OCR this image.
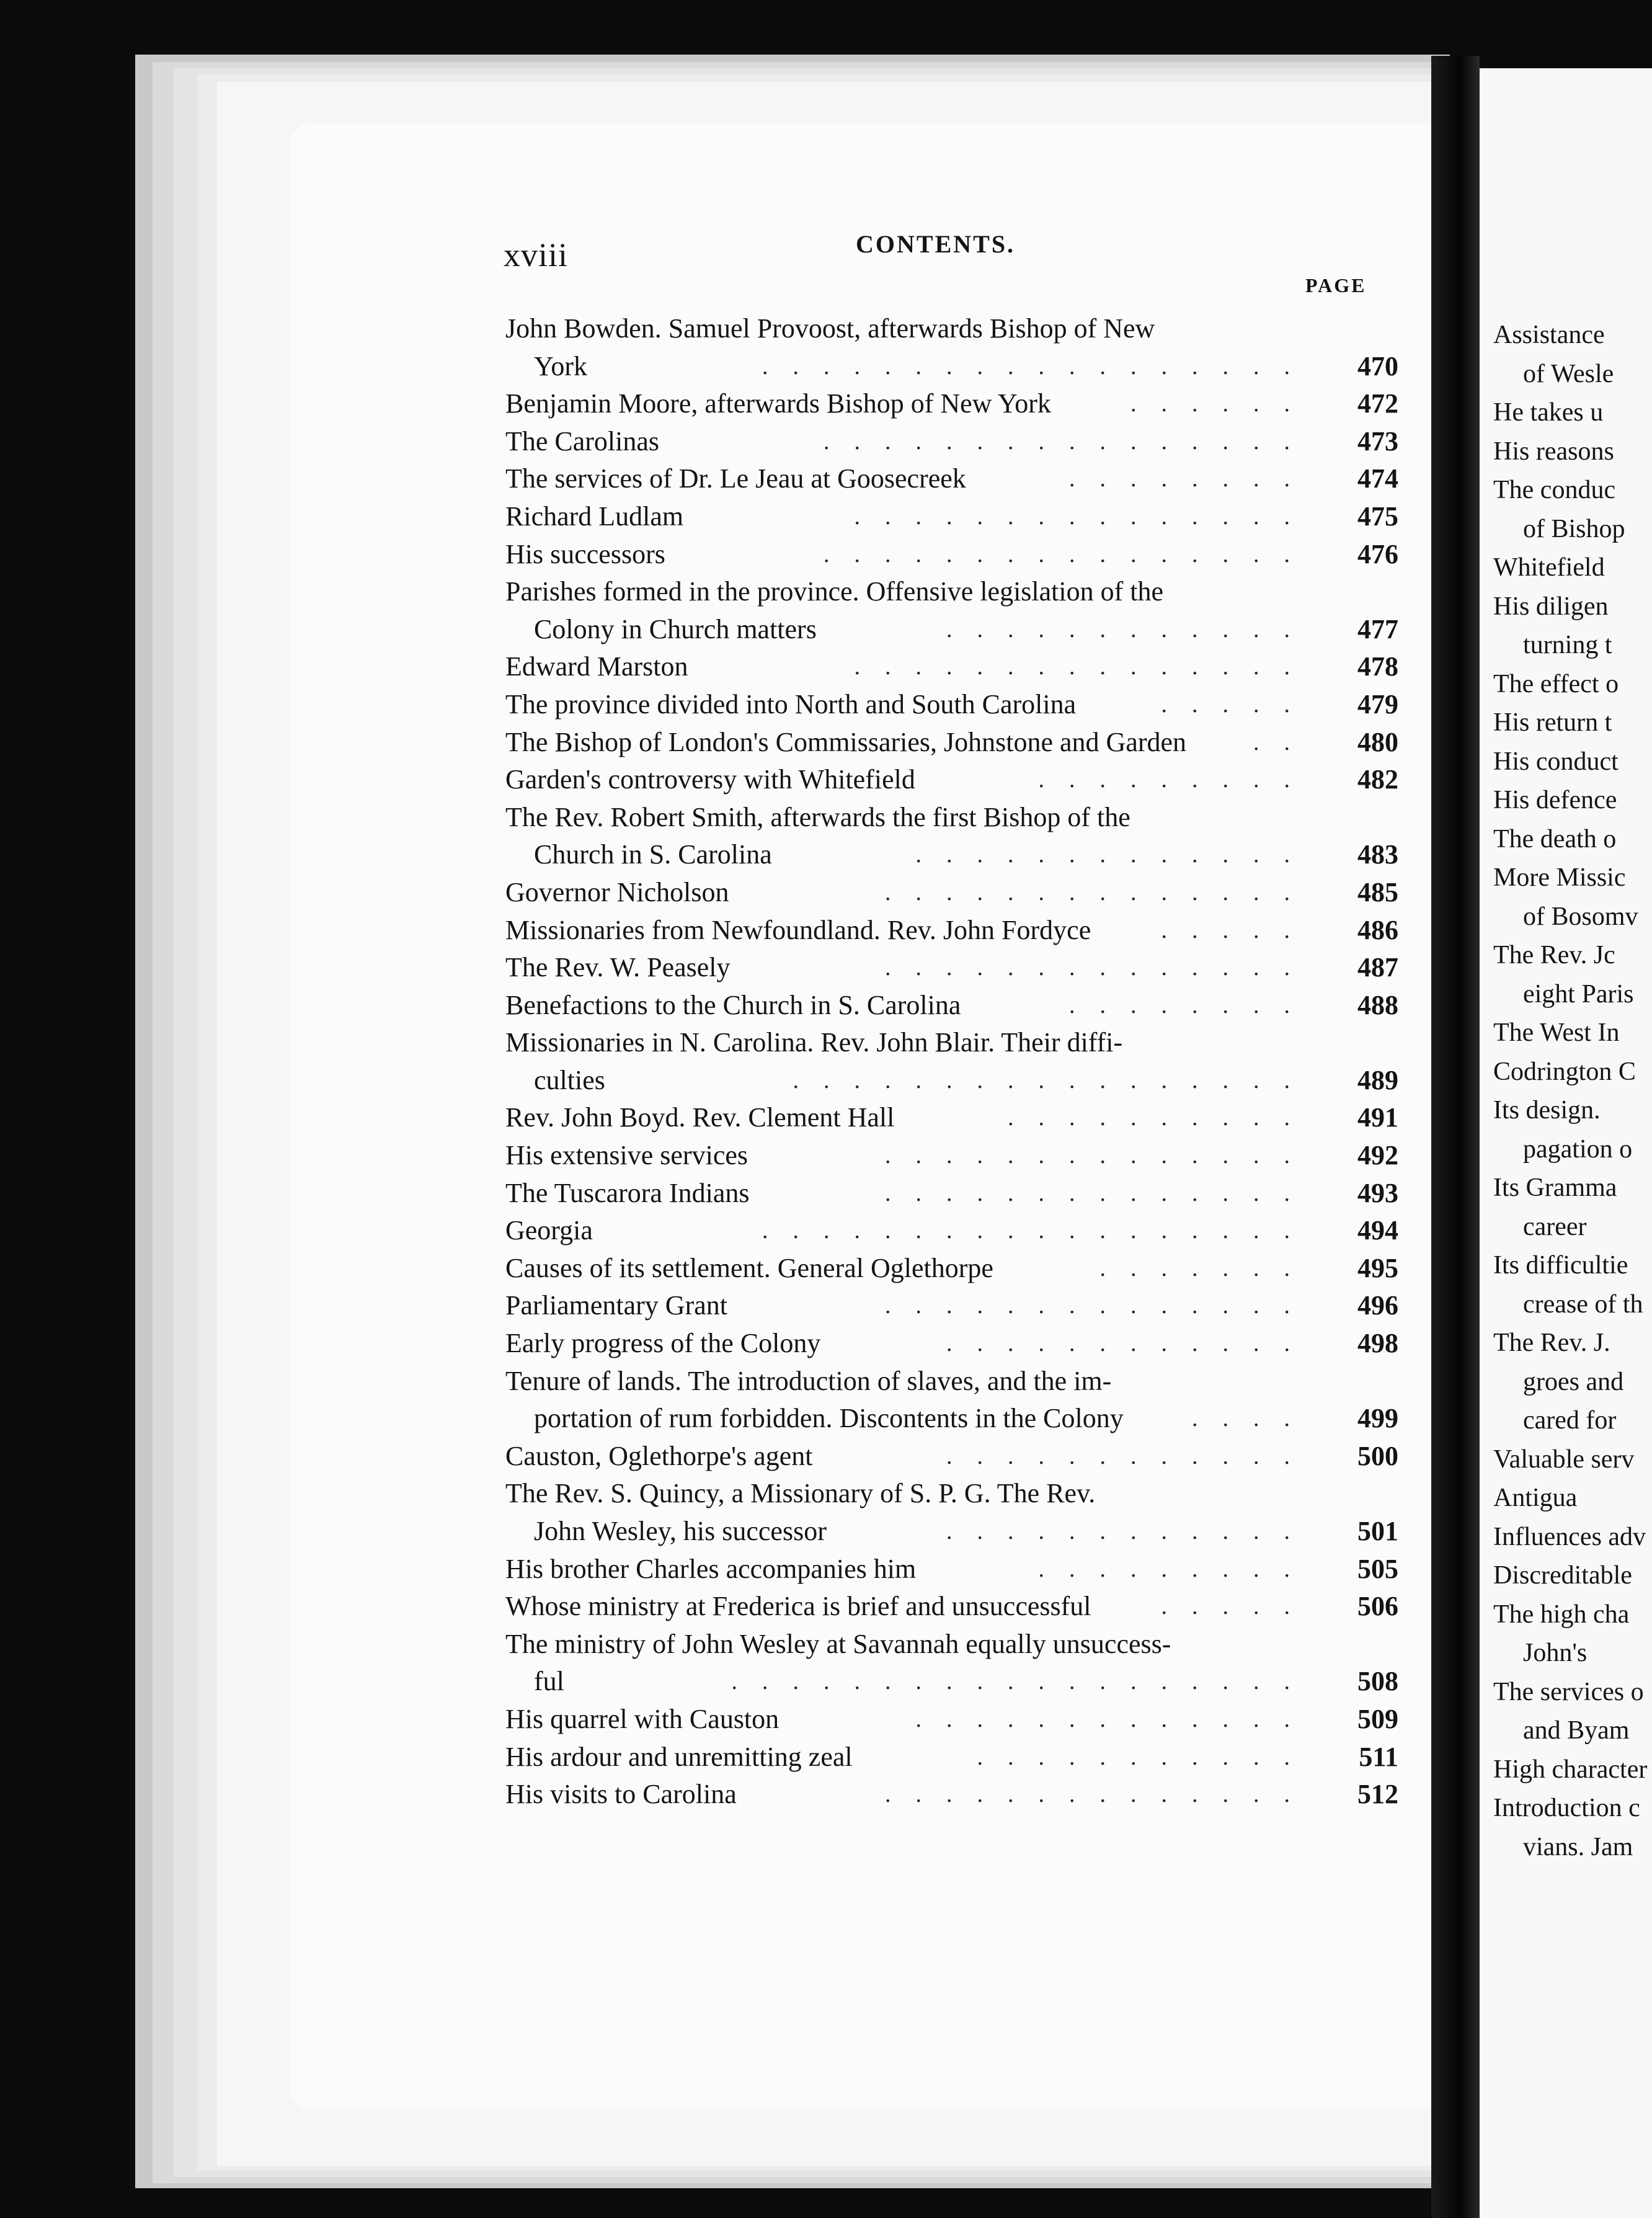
Assistance
of Wesle
He takes u
His reasons
The conduc
of Bishop
Whitefield
His diligen
turning t
The effect o
His return t
His conduct
His defence
The death o
More Missic
of Bosomv
The Rev. Jc
eight Paris
The West In
Codrington C
Its design.
pagation o
Its Gramma
career
Its difficultie
crease of th
The Rev. J.
groes and
cared for
Valuable serv
Antigua
Influences adv
Discreditable
The high cha
John's
The services o
and Byam
High character
Introduction c
vians. Jam
xviii	CONTENTS.
PAGE
John Bowden. Samuel Provoost, afterwards Bishop of New
York	..................	470
Benjamin Moore, afterwards Bishop of New York	......	472
The Carolinas	................	473
The services of Dr. Le Jeau at Goosecreek	........	474
Richard Ludlam	...............	475
His successors	................	476
Parishes formed in the province. Offensive legislation of the
Colony in Church matters	............	477
Edward Marston	...............	478
The province divided into North and South Carolina	.....	479
The Bishop of London's Commissaries, Johnstone and Garden	..	480
Garden's controversy with Whitefield	.........	482
The Rev. Robert Smith, afterwards the first Bishop of the
Church in S. Carolina	.............	483
Governor Nicholson	..............	485
Missionaries from Newfoundland. Rev. John Fordyce	.....	486
The Rev. W. Peasely	..............	487
Benefactions to the Church in S. Carolina	........	488
Missionaries in N. Carolina. Rev. John Blair. Their diffi-
culties	.................	489
Rev. John Boyd. Rev. Clement Hall	..........	491
His extensive services	..............	492
The Tuscarora Indians	..............	493
Georgia	..................	494
Causes of its settlement. General Oglethorpe	.......	495
Parliamentary Grant	..............	496
Early progress of the Colony	............	498
Tenure of lands. The introduction of slaves, and the im-
portation of rum forbidden. Discontents in the Colony	....	499
Causton, Oglethorpe's agent	............	500
The Rev. S. Quincy, a Missionary of S. P. G. The Rev.
John Wesley, his successor	............	501
His brother Charles accompanies him	.........	505
Whose ministry at Frederica is brief and unsuccessful	.....	506
The ministry of John Wesley at Savannah equally unsuccess-
ful	...................	508
His quarrel with Causton	.............	509
His ardour and unremitting zeal	...........	511
His visits to Carolina	..............	512
